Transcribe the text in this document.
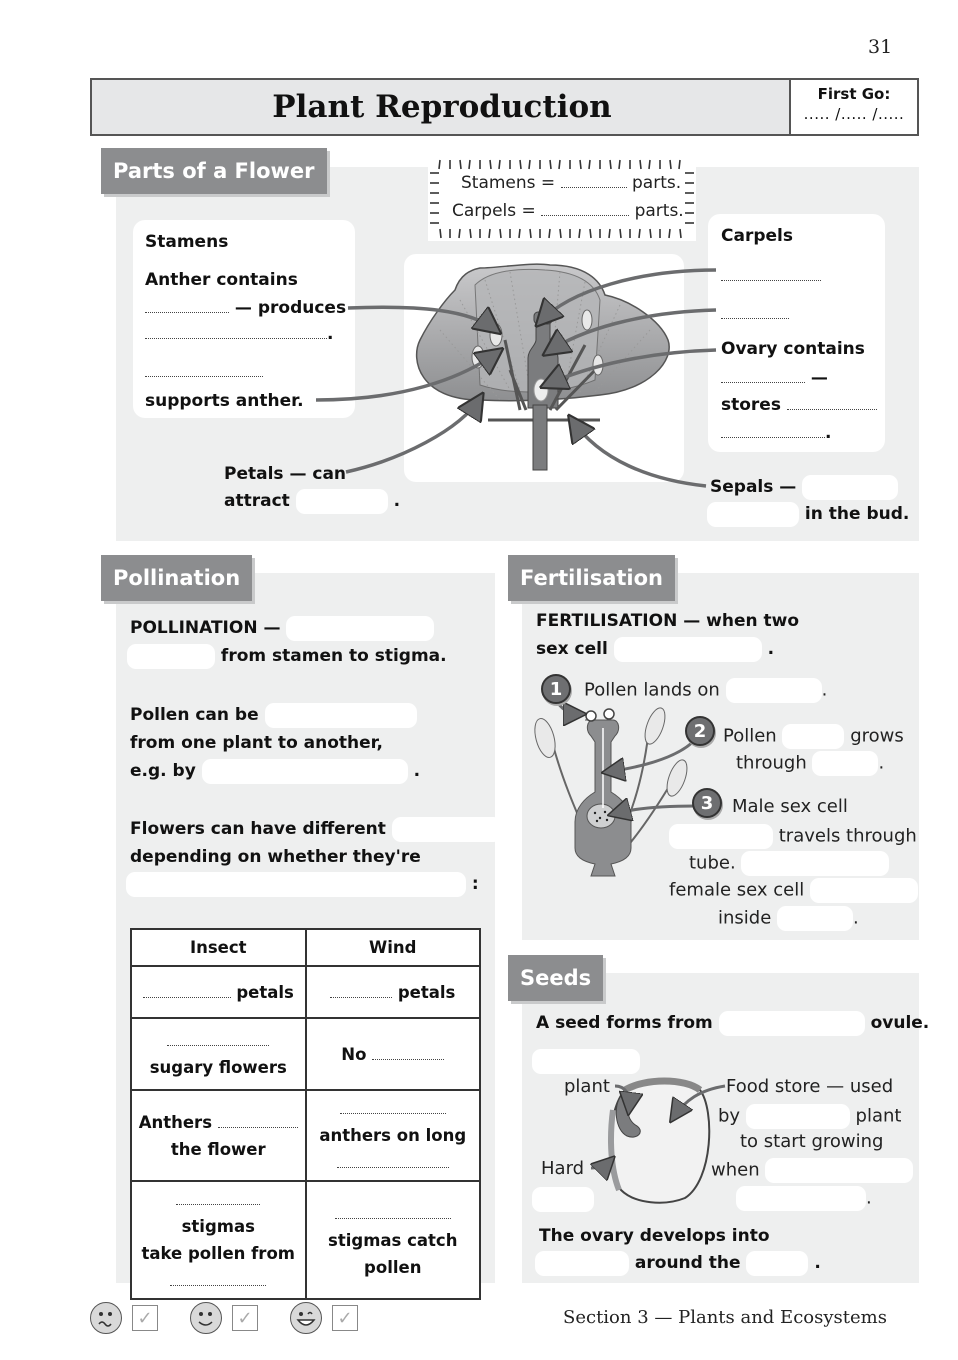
31
Plant Reproduction	First Go:
..... /..... /.....
Parts of a Flower	Stamens =	parts.
Carpels =	parts.
Stamens
Anther contains
— produces
.
supports anther.
Carpels
Ovary contains
—
stores
.
Petals — can
attract	.
Sepals —
in the bud.
Pollination
POLLINATION —
from stamen to stigma.
Pollen can be
from one plant to another,
e.g. by	.
Flowers can have different
depending on whether they're
:
Insect	Wind
petals	petals

sugary flowers	No
Anthers
the flower	anthers on long

stigmas
take pollen from	stigmas catch
pollen
Fertilisation
FERTILISATION — when two
sex cell	.
1	Pollen lands on	.
2 Pollen	grows
through	.
3	Male sex cell
travels through
tube.
female sex cell
inside	.
Seeds
A seed forms from	ovule.
plant
Hard
Food store — used
by	plant
to start growing
when
.
The ovary develops into
around the	.
✓	✓	✓	Section 3 — Plants and Ecosystems
